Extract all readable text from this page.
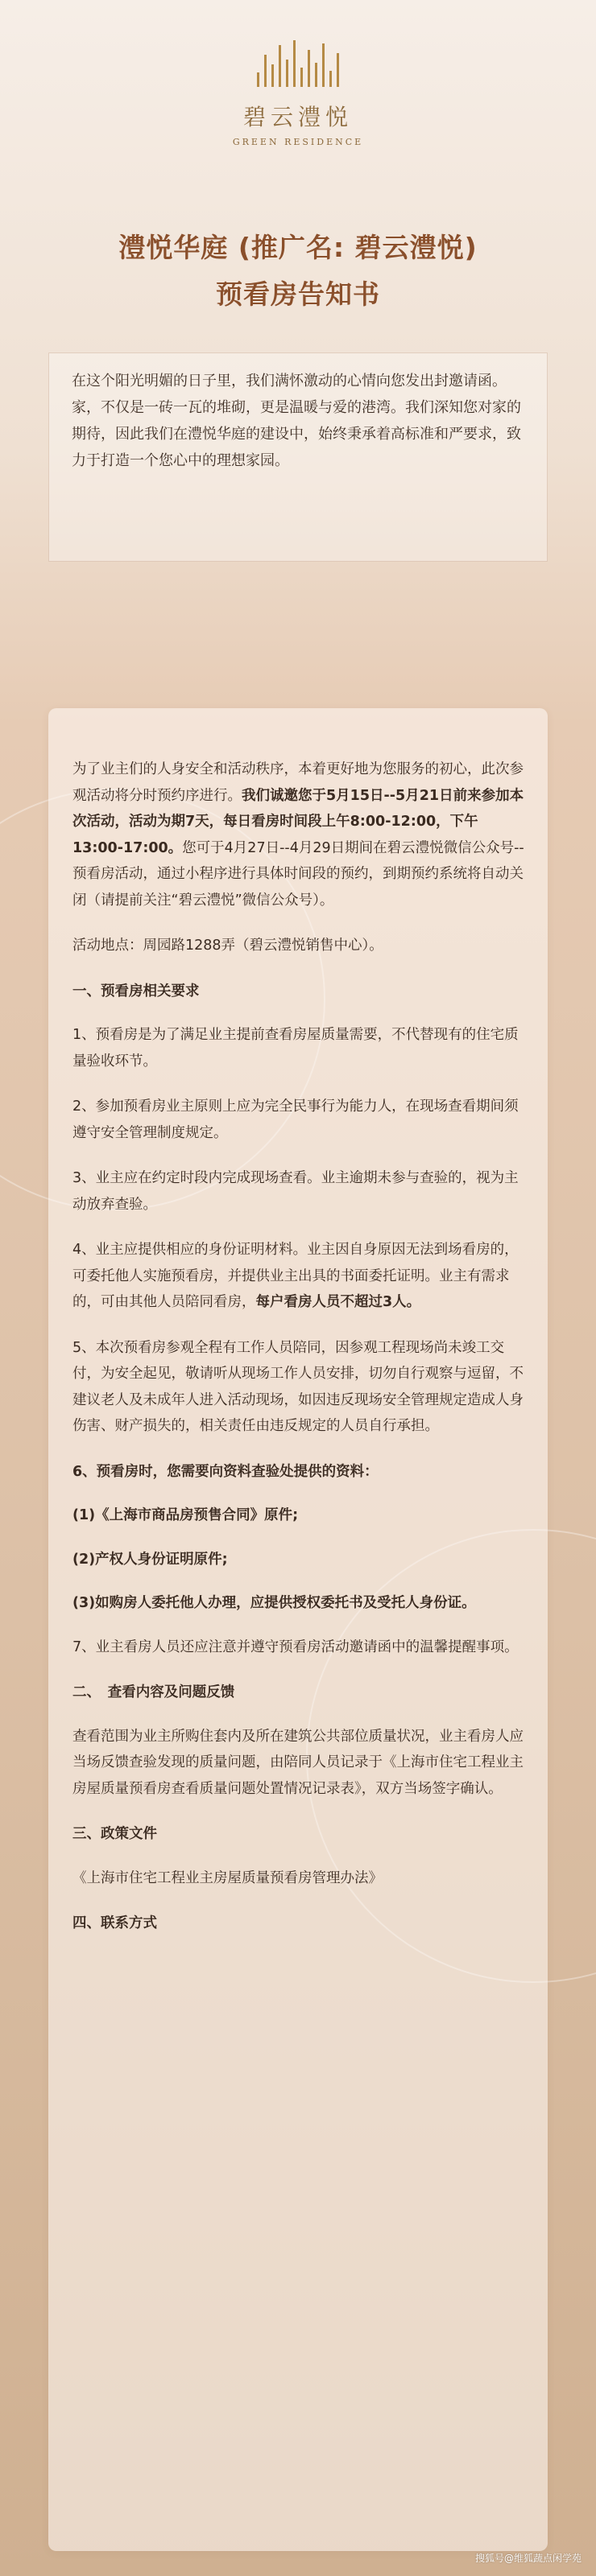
碧云澧悦
GREEN RESIDENCE
澧悦华庭 (推广名: 碧云澧悦)
预看房告知书
在这个阳光明媚的日子里，我们满怀激动的心情向您发出封邀请函。家，不仅是一砖一瓦的堆砌，更是温暖与爱的港湾。我们深知您对家的期待，因此我们在澧悦华庭的建设中，始终秉承着高标准和严要求，致力于打造一个您心中的理想家园。

为了业主们的人身安全和活动秩序，本着更好地为您服务的初心，此次参观活动将分时预约序进行。我们诚邀您于5月15日--5月21日前来参加本次活动，活动为期7天，每日看房时间段上午8:00-12:00，下午13:00-17:00。您可于4月27日--4月29日期间在碧云澧悦微信公众号--预看房活动，通过小程序进行具体时间段的预约，到期预约系统将自动关闭（请提前关注“碧云澧悦”微信公众号）。

活动地点：周园路1288弄（碧云澧悦销售中心）。

一、预看房相关要求

1、预看房是为了满足业主提前查看房屋质量需要，不代替现有的住宅质量验收环节。

2、参加预看房业主原则上应为完全民事行为能力人，在现场查看期间须遵守安全管理制度规定。

3、业主应在约定时段内完成现场查看。业主逾期未参与查验的，视为主动放弃查验。

4、业主应提供相应的身份证明材料。业主因自身原因无法到场看房的，可委托他人实施预看房，并提供业主出具的书面委托证明。业主有需求的，可由其他人员陪同看房，每户看房人员不超过3人。

5、本次预看房参观全程有工作人员陪同，因参观工程现场尚未竣工交付，为安全起见，敬请听从现场工作人员安排，切勿自行观察与逗留，不建议老人及未成年人进入活动现场，如因违反现场安全管理规定造成人身伤害、财产损失的，相关责任由违反规定的人员自行承担。

6、预看房时，您需要向资料查验处提供的资料：

(1)《上海市商品房预售合同》原件;

(2)产权人身份证明原件;

(3)如购房人委托他人办理，应提供授权委托书及受托人身份证。

7、业主看房人员还应注意并遵守预看房活动邀请函中的温馨提醒事项。

二、　查看内容及问题反馈

查看范围为业主所购住套内及所在建筑公共部位质量状况，业主看房人应当场反馈查验发现的质量问题，由陪同人员记录于《上海市住宅工程业主房屋质量预看房查看质量问题处置情况记录表》，双方当场签字确认。

三、政策文件

《上海市住宅工程业主房屋质量预看房管理办法》

四、联系方式

搜狐号@维狐蔬点闲学苑
